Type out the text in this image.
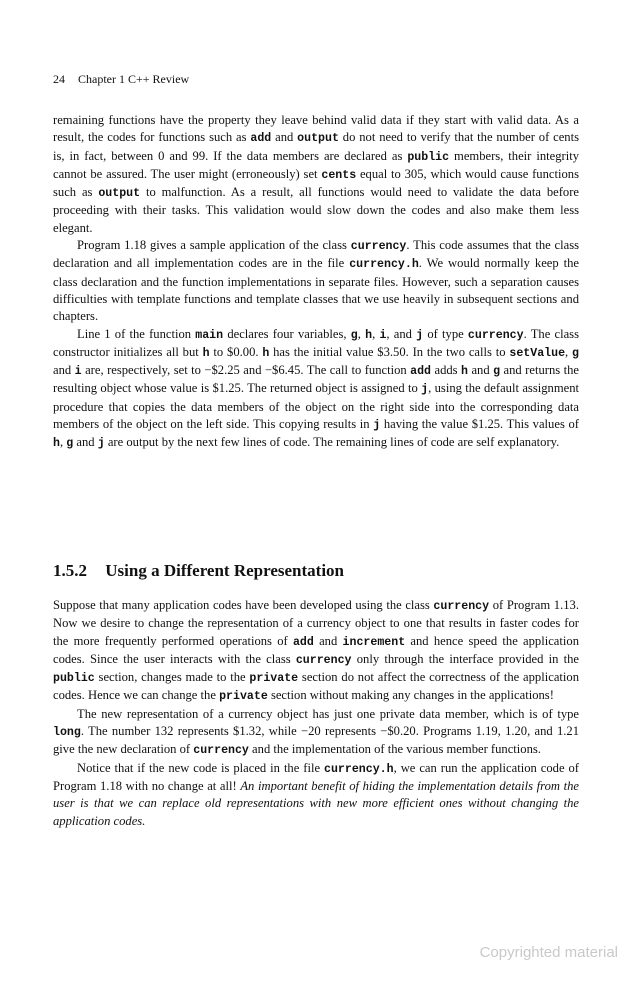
24 Chapter 1 C++ Review

remaining functions have the property they leave behind valid data if they start with valid data. As a result, the codes for functions such as add and output do not need to verify that the number of cents is, in fact, between 0 and 99. If the data members are declared as public members, their integrity cannot be assured. The user might (erroneously) set cents equal to 305, which would cause functions such as output to malfunction. As a result, all functions would need to validate the data before proceeding with their tasks. This validation would slow down the codes and also make them less elegant.

Program 1.18 gives a sample application of the class currency. This code assumes that the class declaration and all implementation codes are in the file currency.h. We would normally keep the class declaration and the function implementations in separate files. However, such a separation causes difficulties with template functions and template classes that we use heavily in subsequent sections and chapters.

Line 1 of the function main declares four variables, g, h, i, and j of type currency. The class constructor initializes all but h to $0.00. h has the initial value $3.50. In the two calls to setValue, g and i are, respectively, set to −$2.25 and −$6.45. The call to function add adds h and g and returns the resulting object whose value is $1.25. The returned object is assigned to j, using the default assignment procedure that copies the data members of the object on the right side into the corresponding data members of the object on the left side. This copying results in j having the value $1.25. This values of h, g and j are output by the next few lines of code. The remaining lines of code are self explanatory.

1.5.2 Using a Different Representation

Suppose that many application codes have been developed using the class currency of Program 1.13. Now we desire to change the representation of a currency object to one that results in faster codes for the more frequently performed operations of add and increment and hence speed the application codes. Since the user interacts with the class currency only through the interface provided in the public section, changes made to the private section do not affect the correctness of the application codes. Hence we can change the private section without making any changes in the applications!

The new representation of a currency object has just one private data member, which is of type long. The number 132 represents $1.32, while −20 represents −$0.20. Programs 1.19, 1.20, and 1.21 give the new declaration of currency and the implementation of the various member functions.

Notice that if the new code is placed in the file currency.h, we can run the application code of Program 1.18 with no change at all! An important benefit of hiding the implementation details from the user is that we can replace old representations with new more efficient ones without changing the application codes.

Copyrighted material
